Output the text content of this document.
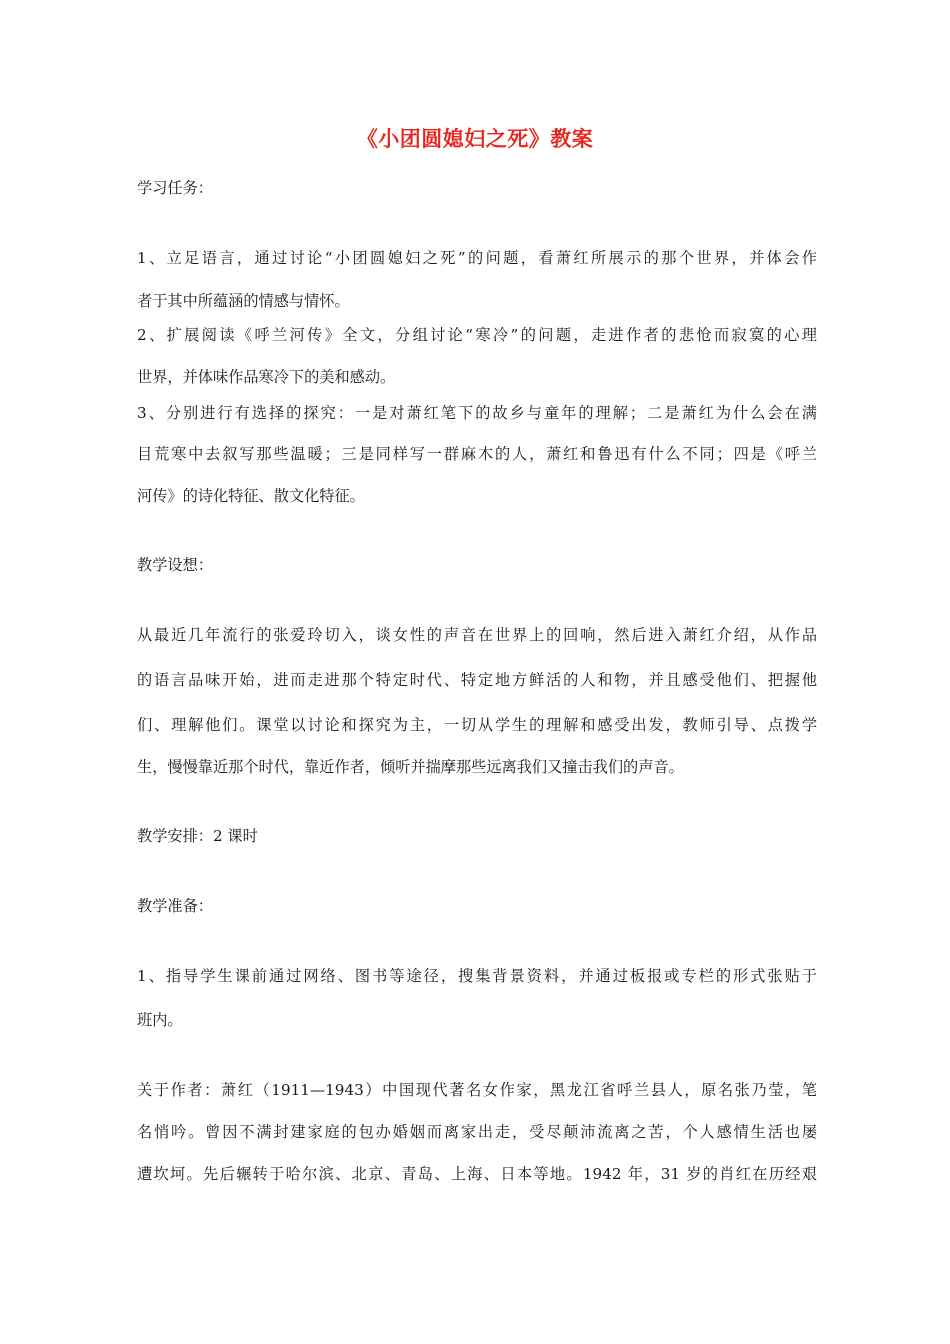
《小团圆媳妇之死》教案
学习任务：
1、立足语言，通过讨论“小团圆媳妇之死”的问题，看萧红所展示的那个世界，并体会作
者于其中所蕴涵的情感与情怀。
2、扩展阅读《呼兰河传》全文，分组讨论“寒冷”的问题，走进作者的悲怆而寂寞的心理
世界，并体味作品寒冷下的美和感动。
3、分别进行有选择的探究：一是对萧红笔下的故乡与童年的理解；二是萧红为什么会在满
目荒寒中去叙写那些温暖；三是同样写一群麻木的人，萧红和鲁迅有什么不同；四是《呼兰
河传》的诗化特征、散文化特征。
教学设想：
从最近几年流行的张爱玲切入，谈女性的声音在世界上的回响，然后进入萧红介绍，从作品
的语言品味开始，进而走进那个特定时代、特定地方鲜活的人和物，并且感受他们、把握他
们、理解他们。课堂以讨论和探究为主，一切从学生的理解和感受出发，教师引导、点拨学
生，慢慢靠近那个时代，靠近作者，倾听并揣摩那些远离我们又撞击我们的声音。
教学安排：2 课时
教学准备：
1、指导学生课前通过网络、图书等途径，搜集背景资料，并通过板报或专栏的形式张贴于
班内。
关于作者：萧红（1911—1943）中国现代著名女作家，黑龙江省呼兰县人，原名张乃莹，笔
名悄吟。曾因不满封建家庭的包办婚姻而离家出走，受尽颠沛流离之苦，个人感情生活也屡
遭坎坷。先后辗转于哈尔滨、北京、青岛、上海、日本等地。1942 年，31 岁的肖红在历经艰
